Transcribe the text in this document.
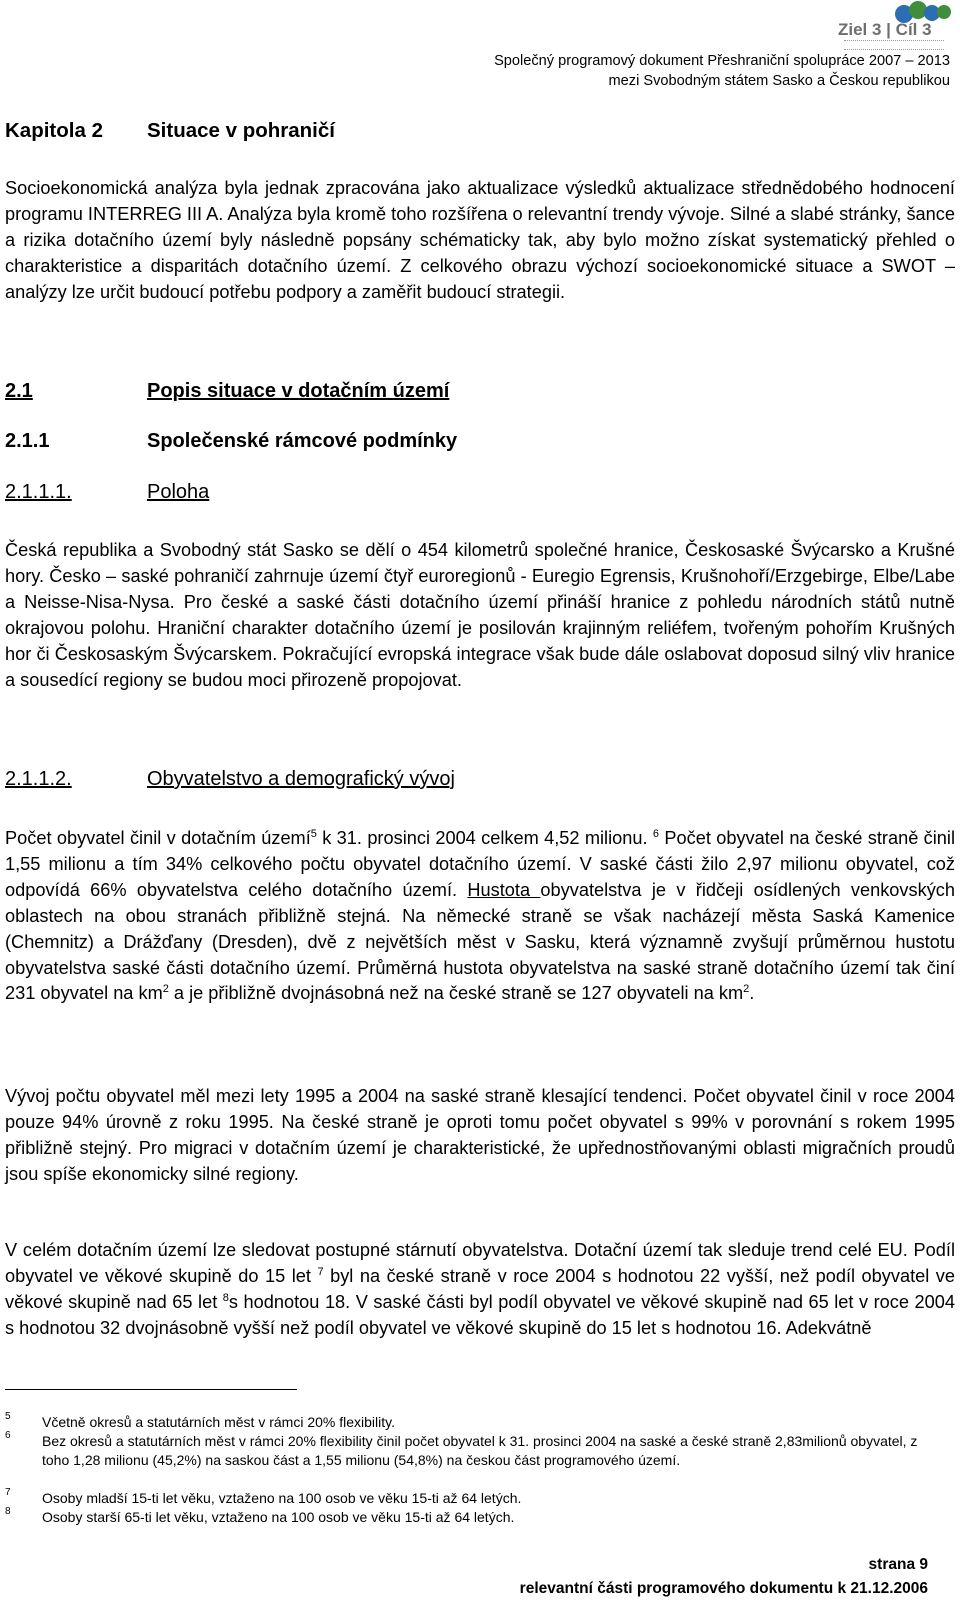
Ziel 3 | Cíl 3
Společný programový dokument Přeshraniční spolupráce 2007 – 2013
mezi Svobodným státem Sasko a Českou republikou
Kapitola 2 Situace v pohraničí
Socioekonomická analýza byla jednak zpracována jako aktualizace výsledků aktualizace střednědobého hodnocení programu INTERREG III A. Analýza byla kromě toho rozšířena o relevantní trendy vývoje. Silné a slabé stránky, šance a rizika dotačního území byly následně popsány schématicky tak, aby bylo možno získat systematický přehled o charakteristice a disparitách dotačního území. Z celkového obrazu výchozí socioekonomické situace a SWOT – analýzy lze určit budoucí potřebu podpory a zaměřit budoucí strategii.
2.1	Popis situace v dotačním území
2.1.1	Společenské rámcové podmínky
2.1.1.1.	Poloha
Česká republika a Svobodný stát Sasko se dělí o 454 kilometrů společné hranice, Českosaské Švýcarsko a Krušné hory. Česko – saské pohraničí zahrnuje území čtyř euroregionů - Euregio Egrensis, Krušnohoří/Erzgebirge, Elbe/Labe a Neisse-Nisa-Nysa. Pro české a saské části dotačního území přináší hranice z pohledu národních států nutně okrajovou polohu. Hraniční charakter dotačního území je posilován krajinným reliéfem, tvořeným pohořím Krušných hor či Českosaským Švýcarskem. Pokračující evropská integrace však bude dále oslabovat doposud silný vliv hranice a sousedící regiony se budou moci přirozeně propojovat.
2.1.1.2.	Obyvatelstvo a demografický vývoj
Počet obyvatel činil v dotačním území$^5$ k 31. prosinci 2004 celkem 4,52 milionu. $^6$ Počet obyvatel na české straně činil 1,55 milionu a tím 34% celkového počtu obyvatel dotačního území. V saské části žilo 2,97 milionu obyvatel, což odpovídá 66% obyvatelstva celého dotačního území. Hustota obyvatelstva je v řidčeji osídlených venkovských oblastech na obou stranách přibližně stejná. Na německé straně se však nacházejí města Saská Kamenice (Chemnitz) a Drážďany (Dresden), dvě z největších měst v Sasku, která významně zvyšují průměrnou hustotu obyvatelstva saské části dotačního území. Průměrná hustota obyvatelstva na saské straně dotačního území tak činí 231 obyvatel na $km^2$ a je přibližně dvojnásobná než na české straně se 127 obyvateli na $km^2$.
Vývoj počtu obyvatel měl mezi lety 1995 a 2004 na saské straně klesající tendenci. Počet obyvatel činil v roce 2004 pouze 94% úrovně z roku 1995. Na české straně je oproti tomu počet obyvatel s 99% v porovnání s rokem 1995 přibližně stejný. Pro migraci v dotačním území je charakteristické, že upřednostňovanými oblasti migračních proudů jsou spíše ekonomicky silné regiony.
V celém dotačním území lze sledovat postupné stárnutí obyvatelstva. Dotační území tak sleduje trend celé EU. Podíl obyvatel ve věkové skupině do 15 let $^7$ byl na české straně v roce 2004 s hodnotou 22 vyšší, než podíl obyvatel ve věkové skupině nad 65 let $^8$s hodnotou 18. V saské části byl podíl obyvatel ve věkové skupině nad 65 let v roce 2004 s hodnotou 32 dvojnásobně vyšší než podíl obyvatel ve věkové skupině do 15 let s hodnotou 16. Adekvátně
5	Včetně okresů a statutárních měst v rámci 20% flexibility.
6	Bez okresů a statutárních měst v rámci 20% flexibility činil počet obyvatel k 31. prosinci 2004 na saské a české straně 2,83milionů obyvatel, z toho 1,28 milionu (45,2%) na saskou část a 1,55 milionu (54,8%) na českou část programového území.
7	Osoby mladší 15-ti let věku, vztaženo na 100 osob ve věku 15-ti až 64 letých.
8	Osoby starší 65-ti let věku, vztaženo na 100 osob ve věku 15-ti až 64 letých.
strana 9
relevantní části programového dokumentu k 21.12.2006
